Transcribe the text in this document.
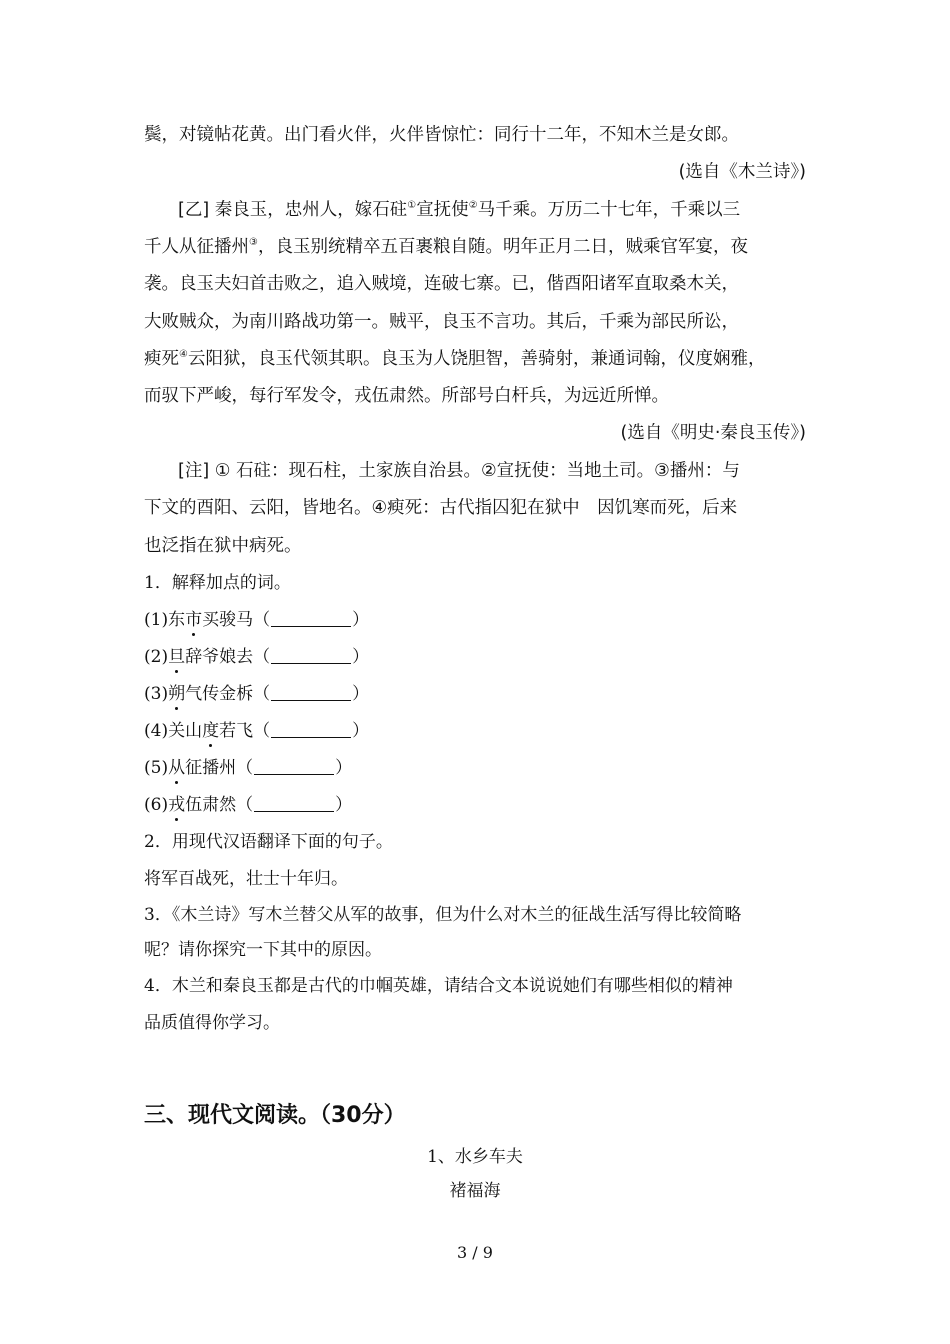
鬓，对镜帖花黄。出门看火伴，火伴皆惊忙：同行十二年，不知木兰是女郎。
(选自《木兰诗》)
[乙] 秦良玉，忠州人，嫁石砫①宣抚使②马千乘。万历二十七年，千乘以三
千人从征播州③，良玉别统精卒五百裹粮自随。明年正月二日，贼乘官军宴，夜
袭。良玉夫妇首击败之，追入贼境，连破七寨。已，偕酉阳诸军直取桑木关，
大败贼众，为南川路战功第一。贼平，良玉不言功。其后，千乘为部民所讼，
瘐死④云阳狱，良玉代领其职。良玉为人饶胆智，善骑射，兼通词翰，仪度娴雅，
而驭下严峻，每行军发令，戎伍肃然。所部号白杆兵，为远近所惮。
(选自《明史·秦良玉传》)
[注] ① 石砫：现石柱，土家族自治县。②宣抚使：当地土司。③播州：与
下文的酉阳、云阳，皆地名。④瘐死：古代指囚犯在狱中　因饥寒而死，后来
也泛指在狱中病死。
1．解释加点的词。
(1)东市买骏马（	）
(2)旦辞爷娘去（	）
(3)朔气传金柝（	）
(4)关山度若飞（	）
(5)从征播州（	）
(6)戎伍肃然（	）
2．用现代汉语翻译下面的句子。
将军百战死，壮士十年归。
3．《木兰诗》写木兰替父从军的故事，但为什么对木兰的征战生活写得比较简略
呢？请你探究一下其中的原因。
4．木兰和秦良玉都是古代的巾帼英雄，请结合文本说说她们有哪些相似的精神
品质值得你学习。
三、现代文阅读。（30分）
1、水乡车夫
褚福海
3 / 9
